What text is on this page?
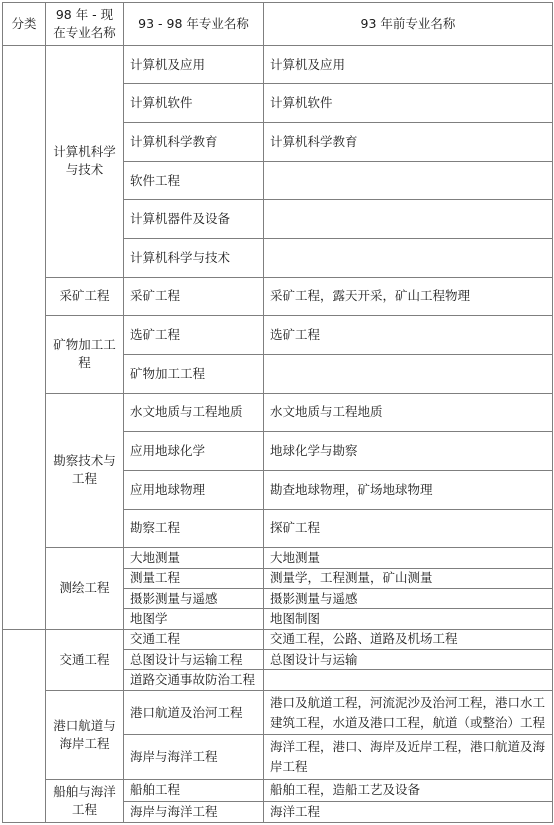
分类	98 年 - 现在专业名称	93 - 98 年专业名称	93 年前专业名称
	计算机科学与技术	计算机及应用	计算机及应用
		计算机软件	计算机软件
		计算机科学教育	计算机科学教育
		软件工程	
		计算机器件及设备	
		计算机科学与技术	
	采矿工程	采矿工程	采矿工程，露天开采，矿山工程物理
	矿物加工工程	选矿工程	选矿工程
		矿物加工工程	
	勘察技术与工程	水文地质与工程地质	水文地质与工程地质
		应用地球化学	地球化学与勘察
		应用地球物理	勘查地球物理，矿场地球物理
		勘察工程	探矿工程
	测绘工程	大地测量	大地测量
		测量工程	测量学，工程测量，矿山测量
		摄影测量与遥感	摄影测量与遥感
		地图学	地图制图
	交通工程	交通工程	交通工程，公路、道路及机场工程
		总图设计与运输工程	总图设计与运输
		道路交通事故防治工程	
	港口航道与海岸工程	港口航道及治河工程	港口及航道工程，河流泥沙及治河工程，港口水工建筑工程，水道及港口工程，航道（或整治）工程
		海岸与海洋工程	海洋工程，港口、海岸及近岸工程，港口航道及海岸工程
	船舶与海洋工程	船舶工程	船舶工程，造船工艺及设备
		海岸与海洋工程	海洋工程
